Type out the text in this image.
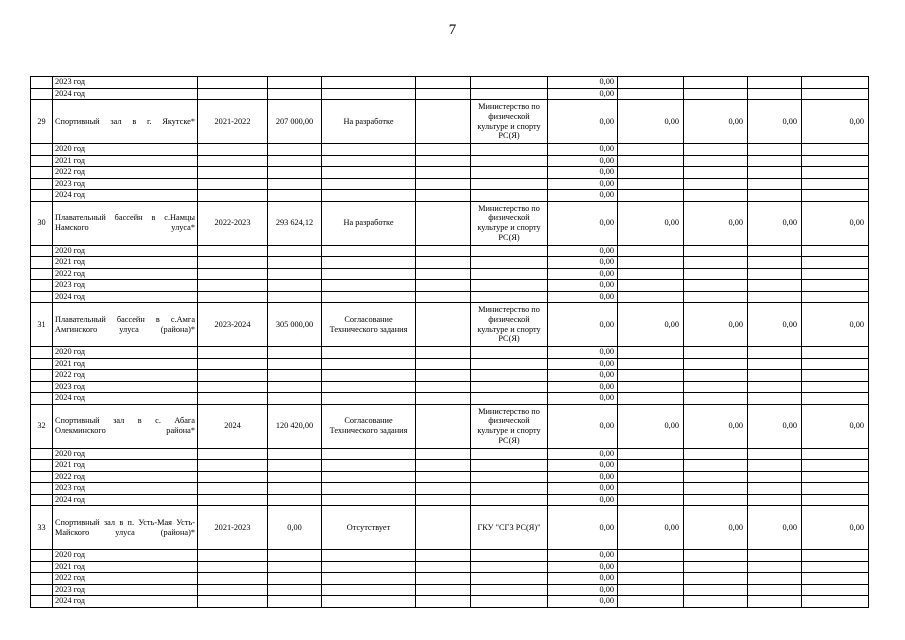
7
	2023 год						0,00				
	2024 год						0,00				
29	Спортивный зал в г. Якутске*	2021-2022	207 000,00	На разработке		Министерство по физической культуре и спорту РС(Я)	0,00	0,00	0,00	0,00	0,00
	2020 год						0,00				
	2021 год						0,00				
	2022 год						0,00				
	2023 год						0,00				
	2024 год						0,00				
30	Плавательный бассейн в с.Намцы Намского улуса*	2022-2023	293 624,12	На разработке		Министерство по физической культуре и спорту РС(Я)	0,00	0,00	0,00	0,00	0,00
	2020 год						0,00				
	2021 год						0,00				
	2022 год						0,00				
	2023 год						0,00				
	2024 год						0,00				
31	Плавательный бассейн в с.Амга Амгинского улуса (района)*	2023-2024	305 000,00	Согласование Технического задания		Министерство по физической культуре и спорту РС(Я)	0,00	0,00	0,00	0,00	0,00
	2020 год						0,00				
	2021 год						0,00				
	2022 год						0,00				
	2023 год						0,00				
	2024 год						0,00				
32	Спортивный зал в с. Абага Олекминского района*	2024	120 420,00	Согласование Технического задания		Министерство по физической культуре и спорту РС(Я)	0,00	0,00	0,00	0,00	0,00
	2020 год						0,00				
	2021 год						0,00				
	2022 год						0,00				
	2023 год						0,00				
	2024 год						0,00				
33	Спортивный зал в п. Усть-Мая Усть-Майского улуса (района)*	2021-2023	0,00	Отсутствует		ГКУ "СГЗ РС(Я)"	0,00	0,00	0,00	0,00	0,00
	2020 год						0,00				
	2021 год						0,00				
	2022 год						0,00				
	2023 год						0,00				
	2024 год						0,00				
